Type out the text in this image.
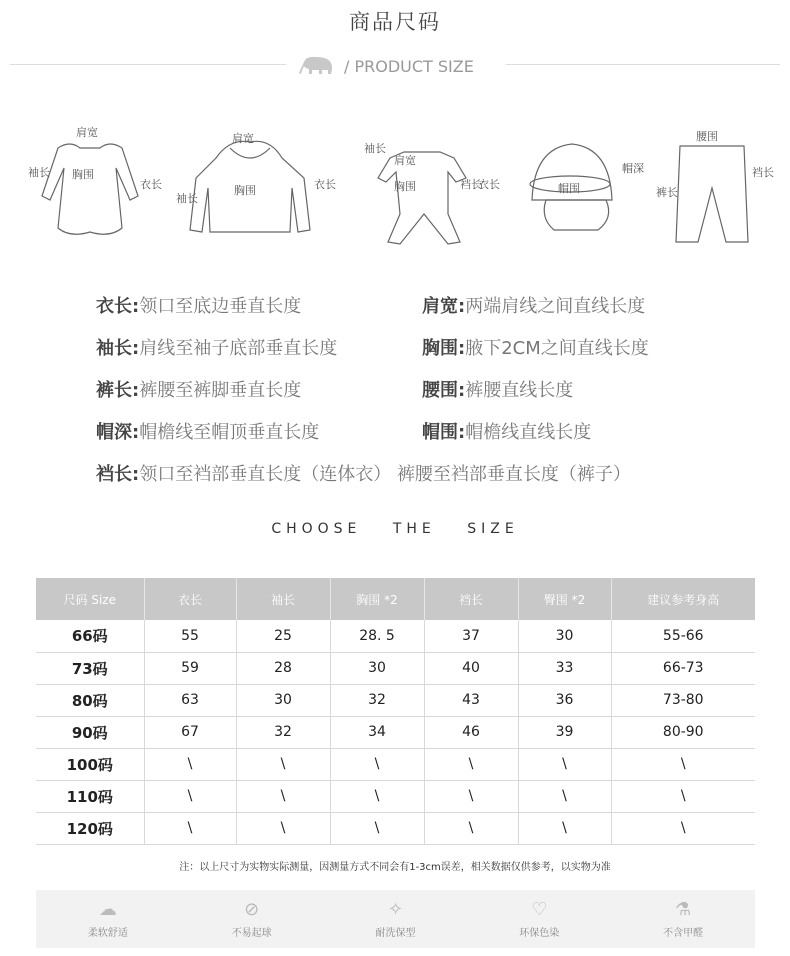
商品尺码
/ PRODUCT SIZE
肩宽
胸围
袖长
衣长
肩宽
胸围
袖长
衣长
袖长
肩宽
胸围	裆长
衣长	帽围
帽深
腰围
裤长
裆长
衣长:领口至底边垂直长度	肩宽:两端肩线之间直线长度
袖长:肩线至袖子底部垂直长度	胸围:腋下2CM之间直线长度
裤长:裤腰至裤脚垂直长度	腰围:裤腰直线长度
帽深:帽檐线至帽顶垂直长度	帽围:帽檐线直线长度
裆长:领口至裆部垂直长度（连体衣） 裤腰至裆部垂直长度（裤子）
CHOOSE THE SIZE
尺码 Size	衣长	袖长	胸围 *2	裆长	臀围 *2	建议参考身高
66码	55	25	28. 5	37	30	55-66
73码	59	28	30	40	33	66-73
80码	63	30	32	43	36	73-80
90码	67	32	34	46	39	80-90
100码	\	\	\	\	\	\
110码	\	\	\	\	\	\
120码	\	\	\	\	\	\
注：以上尺寸为实物实际测量，因测量方式不同会有1-3cm误差，相关数据仅供参考，以实物为准
☁
柔软舒适
⊘
不易起球
✧
耐洗保型
♡
环保色染
⚗
不含甲醛
